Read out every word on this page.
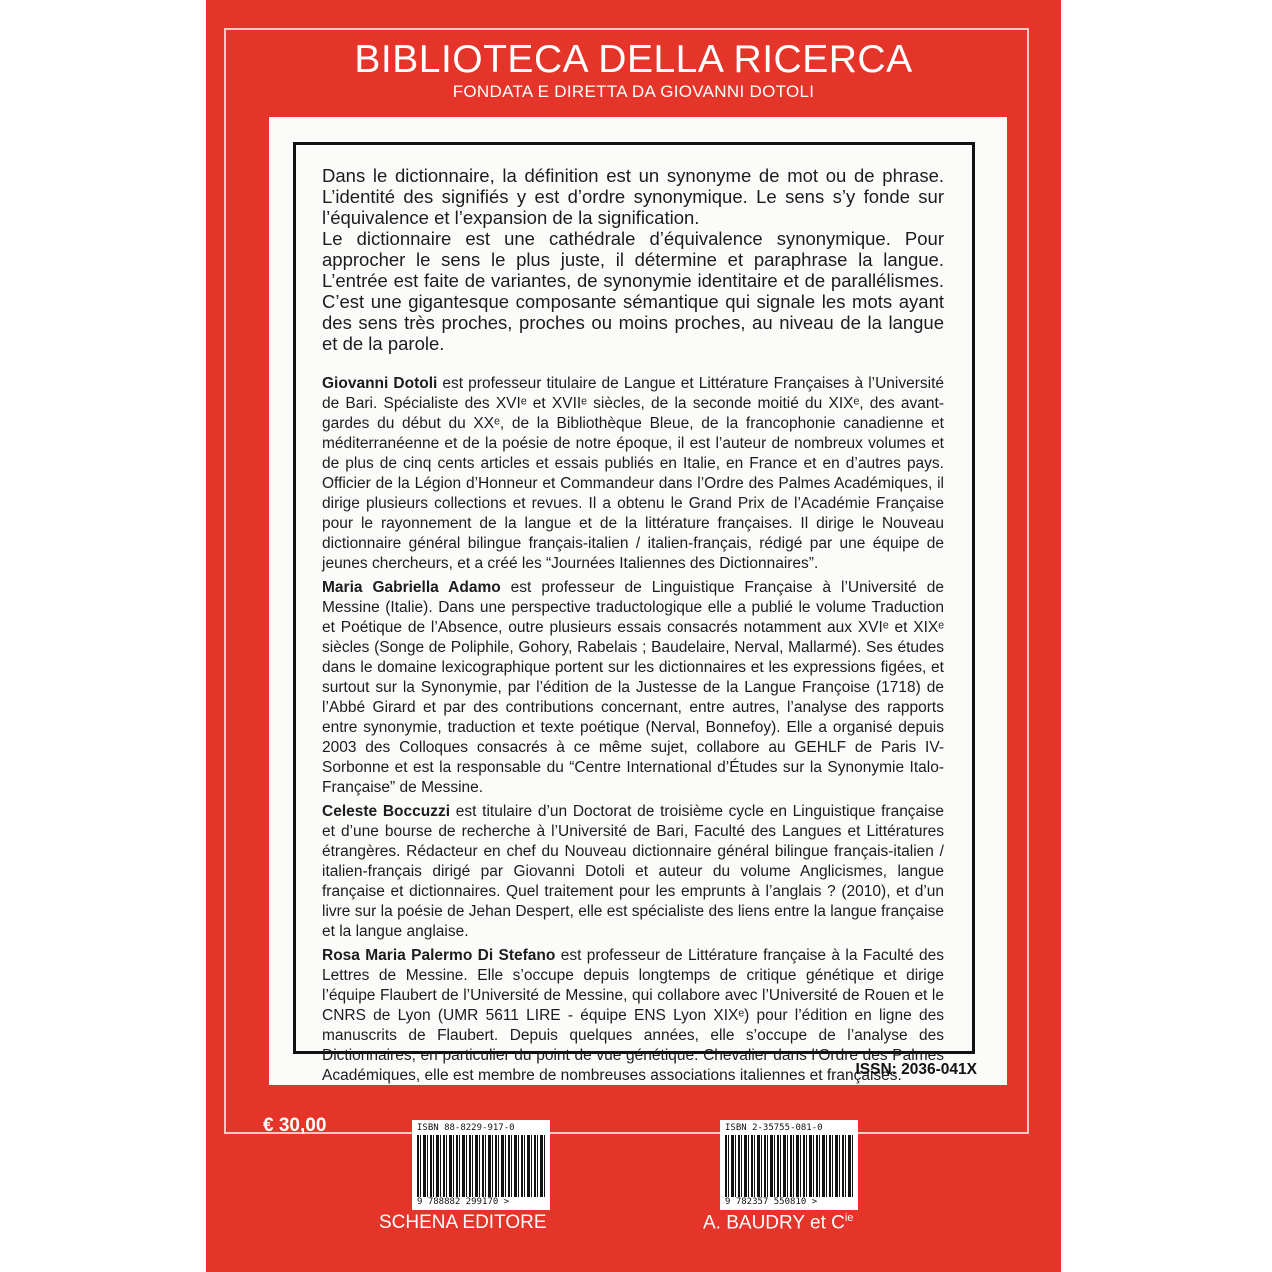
BIBLIOTECA DELLA RICERCA
FONDATA E DIRETTA DA GIOVANNI DOTOLI
Dans le dictionnaire, la définition est un synonyme de mot ou de phrase. L’identité des signifiés y est d’ordre synonymique. Le sens s’y fonde sur l’équivalence et l’expansion de la signification.
Le dictionnaire est une cathédrale d’équivalence synonymique. Pour approcher le sens le plus juste, il détermine et paraphrase la langue. L’entrée est faite de variantes, de synonymie identitaire et de parallélismes. C’est une gigantesque composante sémantique qui signale les mots ayant des sens très proches, proches ou moins proches, au niveau de la langue et de la parole.

Giovanni Dotoli est professeur titulaire de Langue et Littérature Françaises à l’Université de Bari. Spécialiste des XVIᵉ et XVIIᵉ siècles, de la seconde moitié du XIXᵉ, des avant-gardes du début du XXᵉ, de la Bibliothèque Bleue, de la francophonie canadienne et méditerranéenne et de la poésie de notre époque, il est l’auteur de nombreux volumes et de plus de cinq cents articles et essais publiés en Italie, en France et en d’autres pays. Officier de la Légion d’Honneur et Commandeur dans l’Ordre des Palmes Académiques, il dirige plusieurs collections et revues. Il a obtenu le Grand Prix de l’Académie Française pour le rayonnement de la langue et de la littérature françaises. Il dirige le Nouveau dictionnaire général bilingue français-italien / italien-français, rédigé par une équipe de jeunes chercheurs, et a créé les “Journées Italiennes des Dictionnaires”.

Maria Gabriella Adamo est professeur de Linguistique Française à l’Université de Messine (Italie). Dans une perspective traductologique elle a publié le volume Traduction et Poétique de l’Absence, outre plusieurs essais consacrés notamment aux XVIᵉ et XIXᵉ siècles (Songe de Poliphile, Gohory, Rabelais ; Baudelaire, Nerval, Mallarmé). Ses études dans le domaine lexicographique portent sur les dictionnaires et les expressions figées, et surtout sur la Synonymie, par l’édition de la Justesse de la Langue Françoise (1718) de l’Abbé Girard et par des contributions concernant, entre autres, l’analyse des rapports entre synonymie, traduction et texte poétique (Nerval, Bonnefoy). Elle a organisé depuis 2003 des Colloques consacrés à ce même sujet, collabore au GEHLF de Paris IV-Sorbonne et est la responsable du “Centre International d’Études sur la Synonymie Italo-Française” de Messine.

Celeste Boccuzzi est titulaire d’un Doctorat de troisième cycle en Linguistique française et d’une bourse de recherche à l’Université de Bari, Faculté des Langues et Littératures étrangères. Rédacteur en chef du Nouveau dictionnaire général bilingue français-italien / italien-français dirigé par Giovanni Dotoli et auteur du volume Anglicismes, langue française et dictionnaires. Quel traitement pour les emprunts à l’anglais ? (2010), et d’un livre sur la poésie de Jehan Despert, elle est spécialiste des liens entre la langue française et la langue anglaise.

Rosa Maria Palermo Di Stefano est professeur de Littérature française à la Faculté des Lettres de Messine. Elle s’occupe depuis longtemps de critique génétique et dirige l’équipe Flaubert de l’Université de Messine, qui collabore avec l’Université de Rouen et le CNRS de Lyon (UMR 5611 LIRE - équipe ENS Lyon XIXᵉ) pour l’édition en ligne des manuscrits de Flaubert. Depuis quelques années, elle s’occupe de l’analyse des Dictionnaires, en particulier du point de vue génétique. Chevalier dans l’Ordre des Palmes Académiques, elle est membre de nombreuses associations italiennes et françaises.

ISSN: 2036-041X
€ 30,00	ISBN 88-8229-917-0
9 788882 299170 >
ISBN 2-35755-081-0
9 782357 550810 >
SCHENA EDITORE	A. BAUDRY et $C^{ie}$
